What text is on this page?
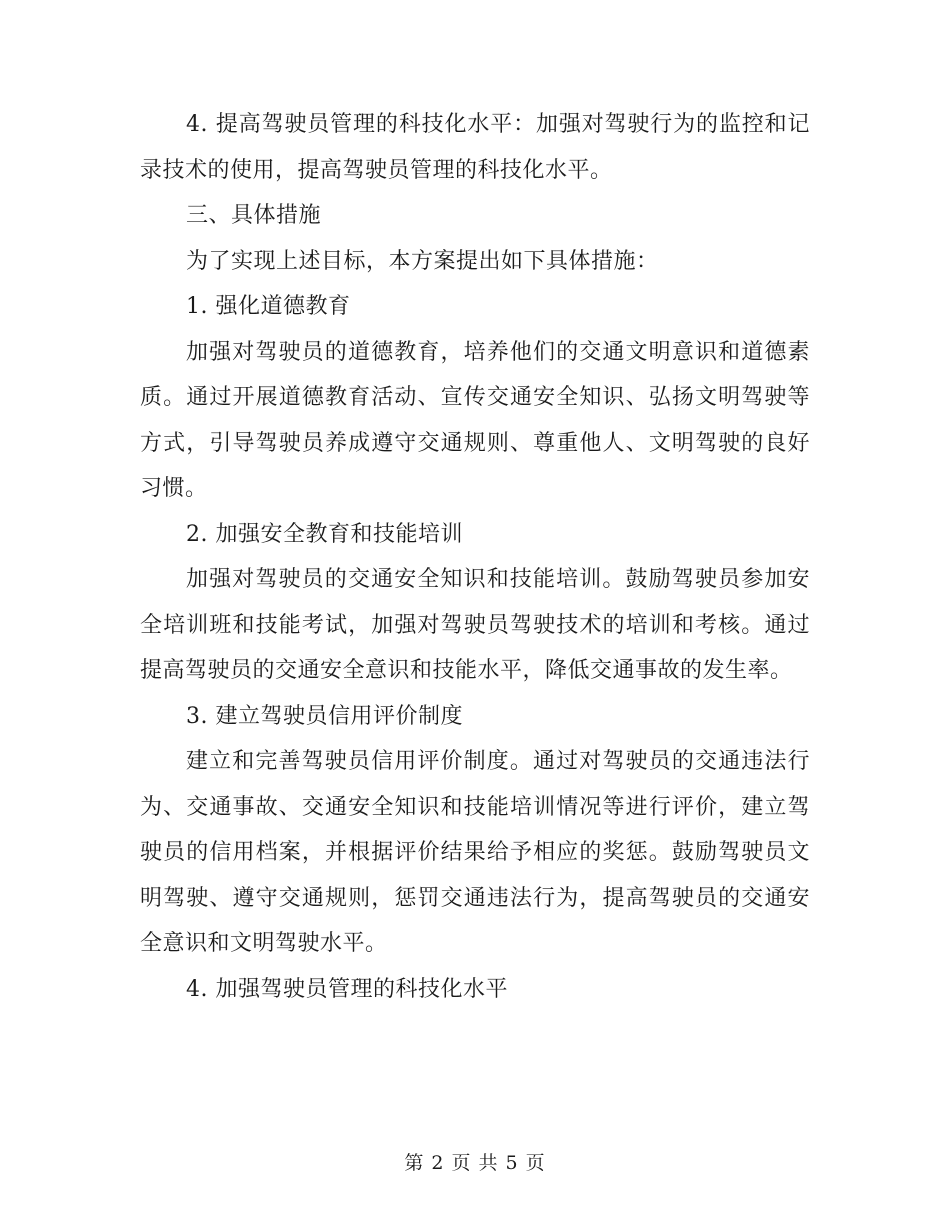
4. 提高驾驶员管理的科技化水平：加强对驾驶行为的监控和记录技术的使用，提高驾驶员管理的科技化水平。

三、具体措施

为了实现上述目标，本方案提出如下具体措施：

1. 强化道德教育

加强对驾驶员的道德教育，培养他们的交通文明意识和道德素质。通过开展道德教育活动、宣传交通安全知识、弘扬文明驾驶等方式，引导驾驶员养成遵守交通规则、尊重他人、文明驾驶的良好习惯。

2. 加强安全教育和技能培训

加强对驾驶员的交通安全知识和技能培训。鼓励驾驶员参加安全培训班和技能考试，加强对驾驶员驾驶技术的培训和考核。通过提高驾驶员的交通安全意识和技能水平，降低交通事故的发生率。

3. 建立驾驶员信用评价制度

建立和完善驾驶员信用评价制度。通过对驾驶员的交通违法行为、交通事故、交通安全知识和技能培训情况等进行评价，建立驾驶员的信用档案，并根据评价结果给予相应的奖惩。鼓励驾驶员文明驾驶、遵守交通规则，惩罚交通违法行为，提高驾驶员的交通安全意识和文明驾驶水平。

4. 加强驾驶员管理的科技化水平

第 2 页 共 5 页
